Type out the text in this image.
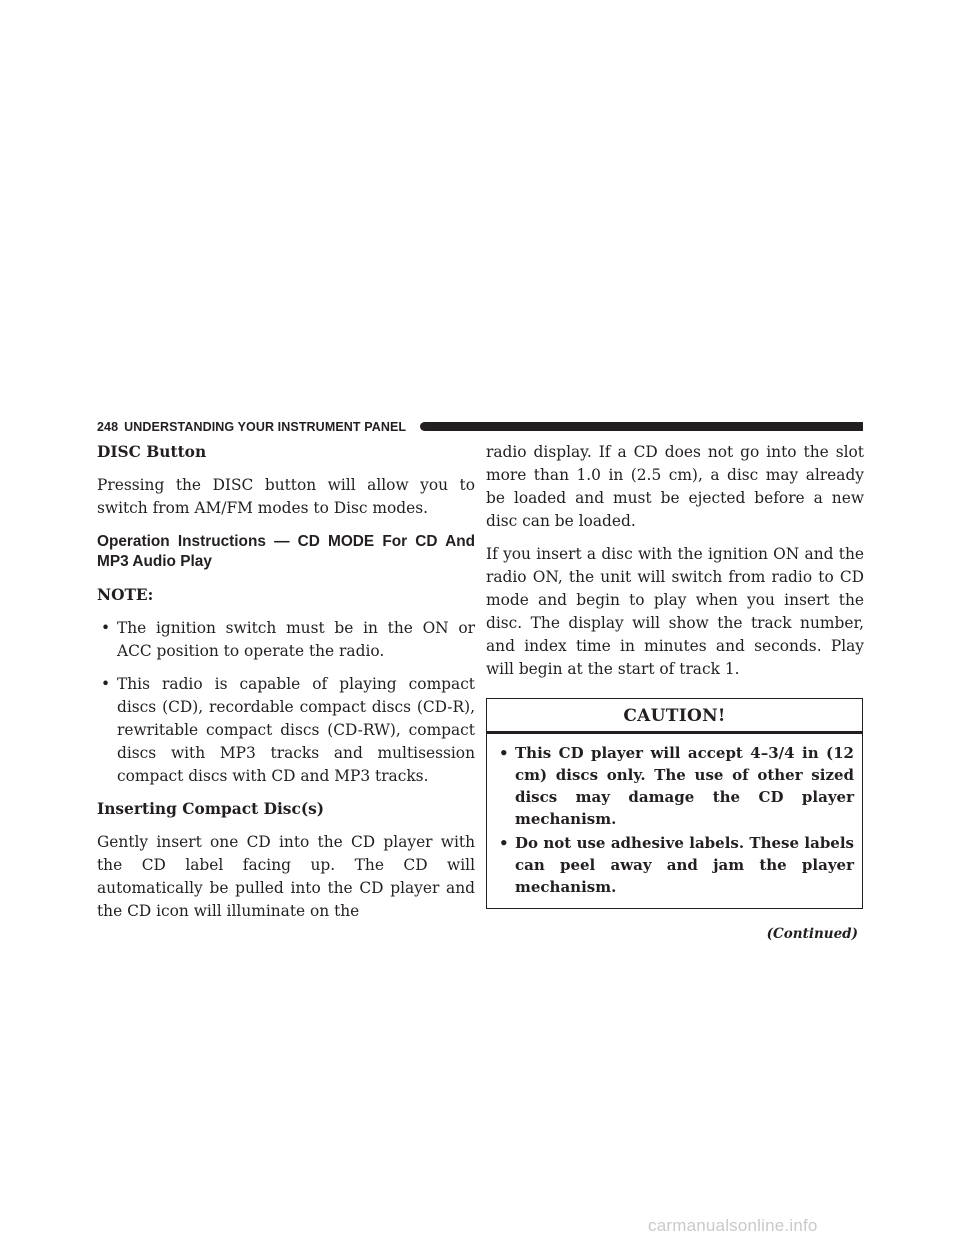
248 UNDERSTANDING YOUR INSTRUMENT PANEL

DISC Button

Pressing the DISC button will allow you to switch from AM/FM modes to Disc modes.

Operation Instructions — CD MODE For CD And MP3 Audio Play

NOTE:

• The ignition switch must be in the ON or ACC position to operate the radio.
• This radio is capable of playing compact discs (CD), recordable compact discs (CD-R), rewritable compact discs (CD-RW), compact discs with MP3 tracks and multisession compact discs with CD and MP3 tracks.

Inserting Compact Disc(s)

Gently insert one CD into the CD player with the CD label facing up. The CD will automatically be pulled into the CD player and the CD icon will illuminate on the

radio display. If a CD does not go into the slot more than 1.0 in (2.5 cm), a disc may already be loaded and must be ejected before a new disc can be loaded.

If you insert a disc with the ignition ON and the radio ON, the unit will switch from radio to CD mode and begin to play when you insert the disc. The display will show the track number, and index time in minutes and seconds. Play will begin at the start of track 1.

CAUTION!
• This CD player will accept 4–3/4 in (12 cm) discs only. The use of other sized discs may damage the CD player mechanism.
• Do not use adhesive labels. These labels can peel away and jam the player mechanism.
(Continued)
carmanualsonline.info
